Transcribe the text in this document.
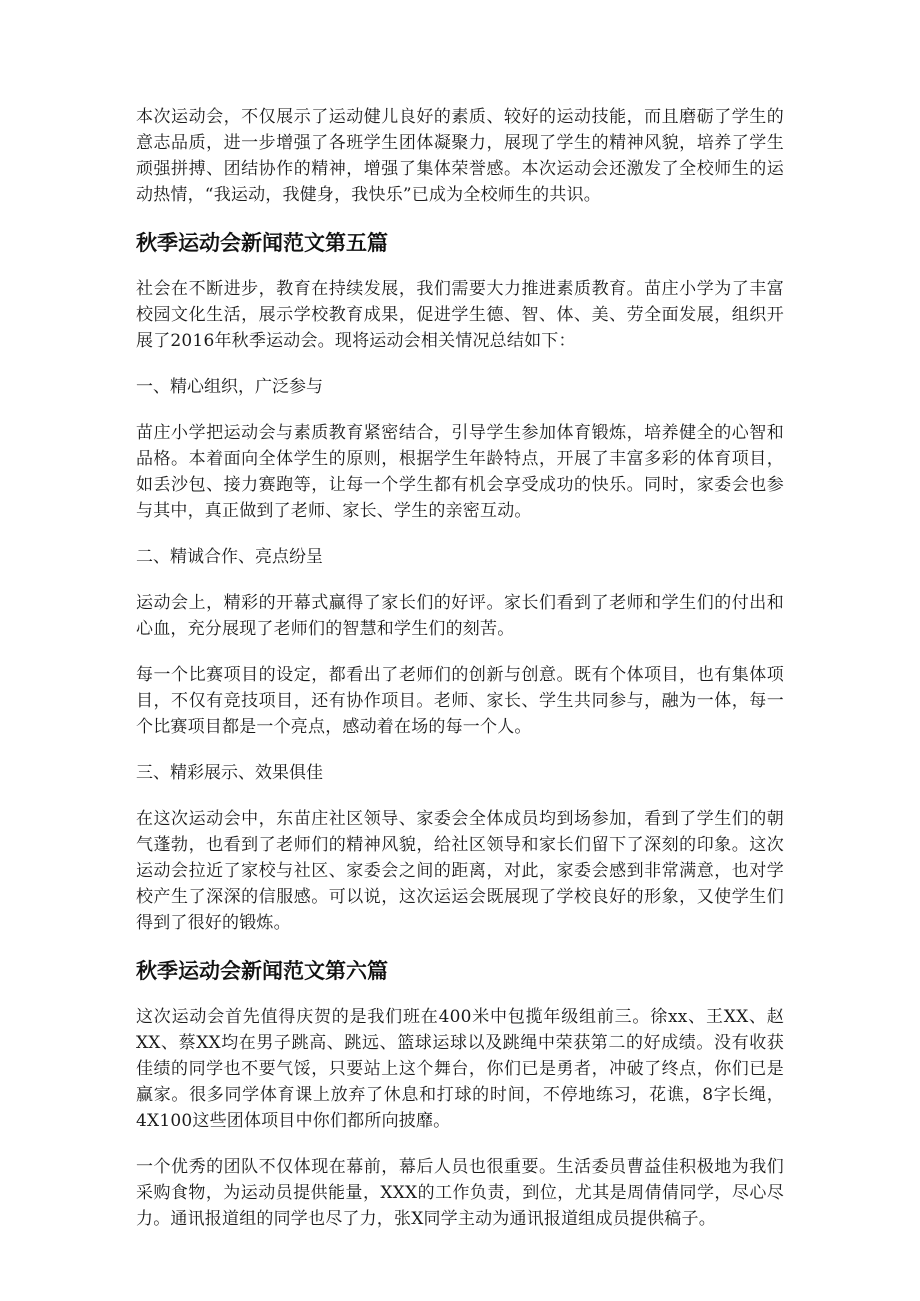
本次运动会，不仅展示了运动健儿良好的素质、较好的运动技能，而且磨砺了学生的意志品质，进一步增强了各班学生团体凝聚力，展现了学生的精神风貌，培养了学生顽强拼搏、团结协作的精神，增强了集体荣誉感。本次运动会还激发了全校师生的运动热情，“我运动，我健身，我快乐”已成为全校师生的共识。

秋季运动会新闻范文第五篇

社会在不断进步，教育在持续发展，我们需要大力推进素质教育。苗庄小学为了丰富校园文化生活，展示学校教育成果，促进学生德、智、体、美、劳全面发展，组织开展了2016年秋季运动会。现将运动会相关情况总结如下：

一、精心组织，广泛参与

苗庄小学把运动会与素质教育紧密结合，引导学生参加体育锻炼，培养健全的心智和品格。本着面向全体学生的原则，根据学生年龄特点，开展了丰富多彩的体育项目，如丢沙包、接力赛跑等，让每一个学生都有机会享受成功的快乐。同时，家委会也参与其中，真正做到了老师、家长、学生的亲密互动。

二、精诚合作、亮点纷呈

运动会上，精彩的开幕式赢得了家长们的好评。家长们看到了老师和学生们的付出和心血，充分展现了老师们的智慧和学生们的刻苦。

每一个比赛项目的设定，都看出了老师们的创新与创意。既有个体项目，也有集体项目，不仅有竞技项目，还有协作项目。老师、家长、学生共同参与，融为一体，每一个比赛项目都是一个亮点，感动着在场的每一个人。

三、精彩展示、效果俱佳

在这次运动会中，东苗庄社区领导、家委会全体成员均到场参加，看到了学生们的朝气蓬勃，也看到了老师们的精神风貌，给社区领导和家长们留下了深刻的印象。这次运动会拉近了家校与社区、家委会之间的距离，对此，家委会感到非常满意，也对学校产生了深深的信服感。可以说，这次运运会既展现了学校良好的形象，又使学生们得到了很好的锻炼。

秋季运动会新闻范文第六篇

这次运动会首先值得庆贺的是我们班在400米中包揽年级组前三。徐xx、王XX、赵XX、蔡XX均在男子跳高、跳远、篮球运球以及跳绳中荣获第二的好成绩。没有收获佳绩的同学也不要气馁，只要站上这个舞台，你们已是勇者，冲破了终点，你们已是赢家。很多同学体育课上放弃了休息和打球的时间，不停地练习，花谯，8字长绳，4X100这些团体项目中你们都所向披靡。

一个优秀的团队不仅体现在幕前，幕后人员也很重要。生活委员曹益佳积极地为我们采购食物，为运动员提供能量，XXX的工作负责，到位，尤其是周倩倩同学，尽心尽力。通讯报道组的同学也尽了力，张X同学主动为通讯报道组成员提供稿子。
